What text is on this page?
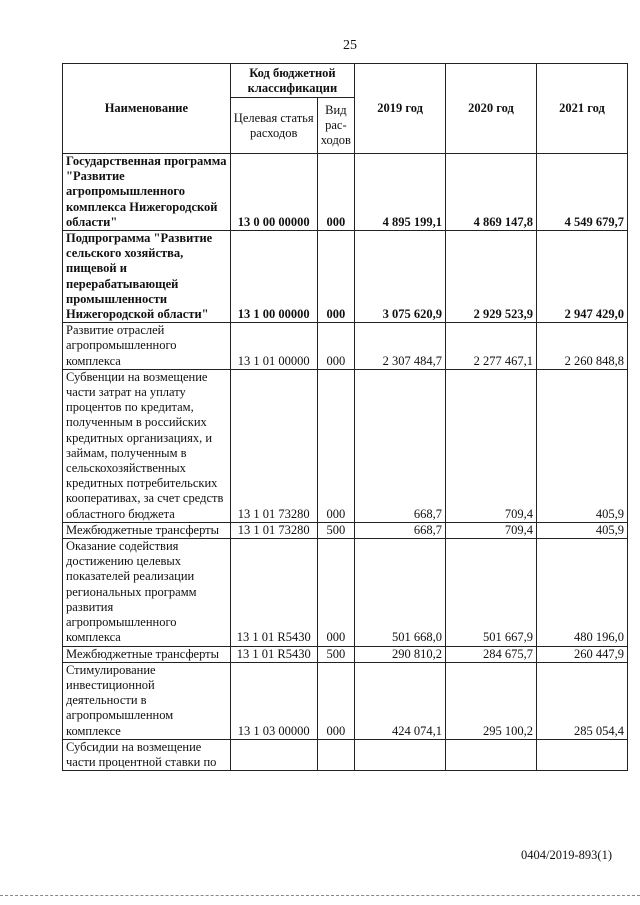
25
Наименование	Код бюджетной классификации		2019 год	2020 год	2021 год
	Целевая статья расходов	Вид рас-ходов			
Государственная программа "Развитие агропромышленного комплекса Нижегородской области"	13 0 00 00000	000	4 895 199,1	4 869 147,8	4 549 679,7
Подпрограмма "Развитие сельского хозяйства, пищевой и перерабатывающей промышленности Нижегородской области"	13 1 00 00000	000	3 075 620,9	2 929 523,9	2 947 429,0
Развитие отраслей агропромышленного комплекса	13 1 01 00000	000	2 307 484,7	2 277 467,1	2 260 848,8
Субвенции на возмещение части затрат на уплату процентов по кредитам, полученным в российских кредитных организациях, и займам, полученным в сельскохозяйственных кредитных потребительских кооперативах, за счет средств областного бюджета	13 1 01 73280	000	668,7	709,4	405,9
Межбюджетные трансферты	13 1 01 73280	500	668,7	709,4	405,9
Оказание содействия достижению целевых показателей реализации региональных программ развития агропромышленного комплекса	13 1 01 R5430	000	501 668,0	501 667,9	480 196,0
Межбюджетные трансферты	13 1 01 R5430	500	290 810,2	284 675,7	260 447,9
Стимулирование инвестиционной деятельности в агропромышленном комплексе	13 1 03 00000	000	424 074,1	295 100,2	285 054,4
Субсидии на возмещение части процентной ставки по					
0404/2019-893(1)
